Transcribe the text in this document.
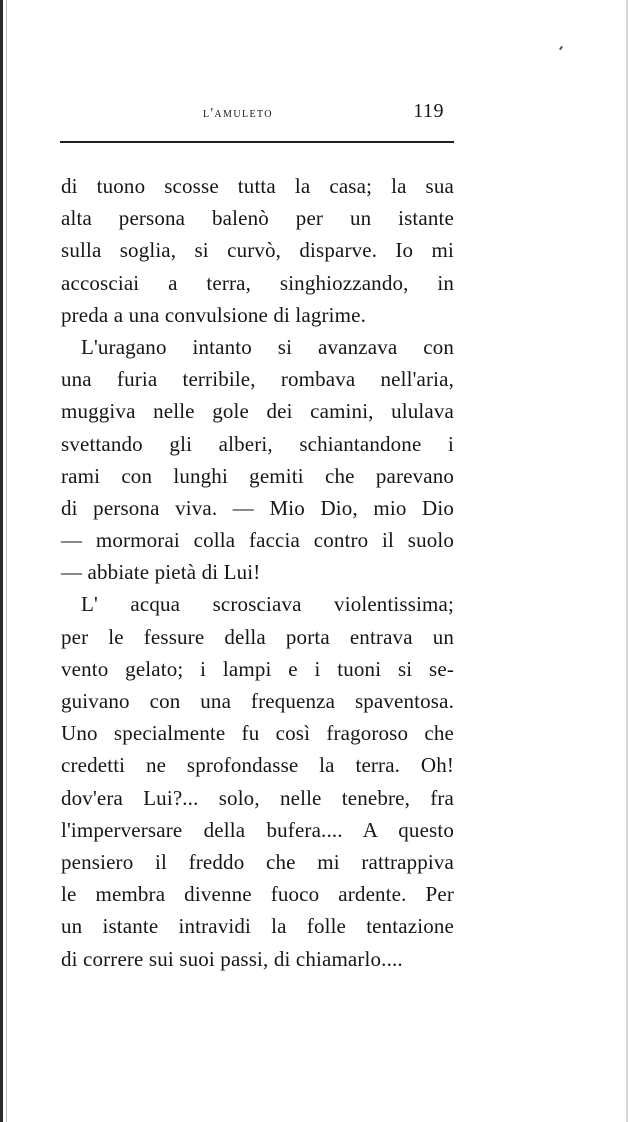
l'amuleto	119

di tuono scosse tutta la casa; la sua
alta persona balenò per un istante
sulla soglia, si curvò, disparve. Io mi
accosciai a terra, singhiozzando, in
preda a una convulsione di lagrime.

L'uragano intanto si avanzava con
una furia terribile, rombava nell'aria,
muggiva nelle gole dei camini, ululava
svettando gli alberi, schiantandone i
rami con lunghi gemiti che parevano
di persona viva. — Mio Dio, mio Dio
— mormorai colla faccia contro il suolo
— abbiate pietà di Lui!

L' acqua scrosciava violentissima;
per le fessure della porta entrava un
vento gelato; i lampi e i tuoni si se-
guivano con una frequenza spaventosa.
Uno specialmente fu così fragoroso che
credetti ne sprofondasse la terra. Oh!
dov'era Lui?... solo, nelle tenebre, fra
l'imperversare della bufera.... A questo
pensiero il freddo che mi rattrappiva
le membra divenne fuoco ardente. Per
un istante intravidi la folle tentazione
di correre sui suoi passi, di chiamarlo....
